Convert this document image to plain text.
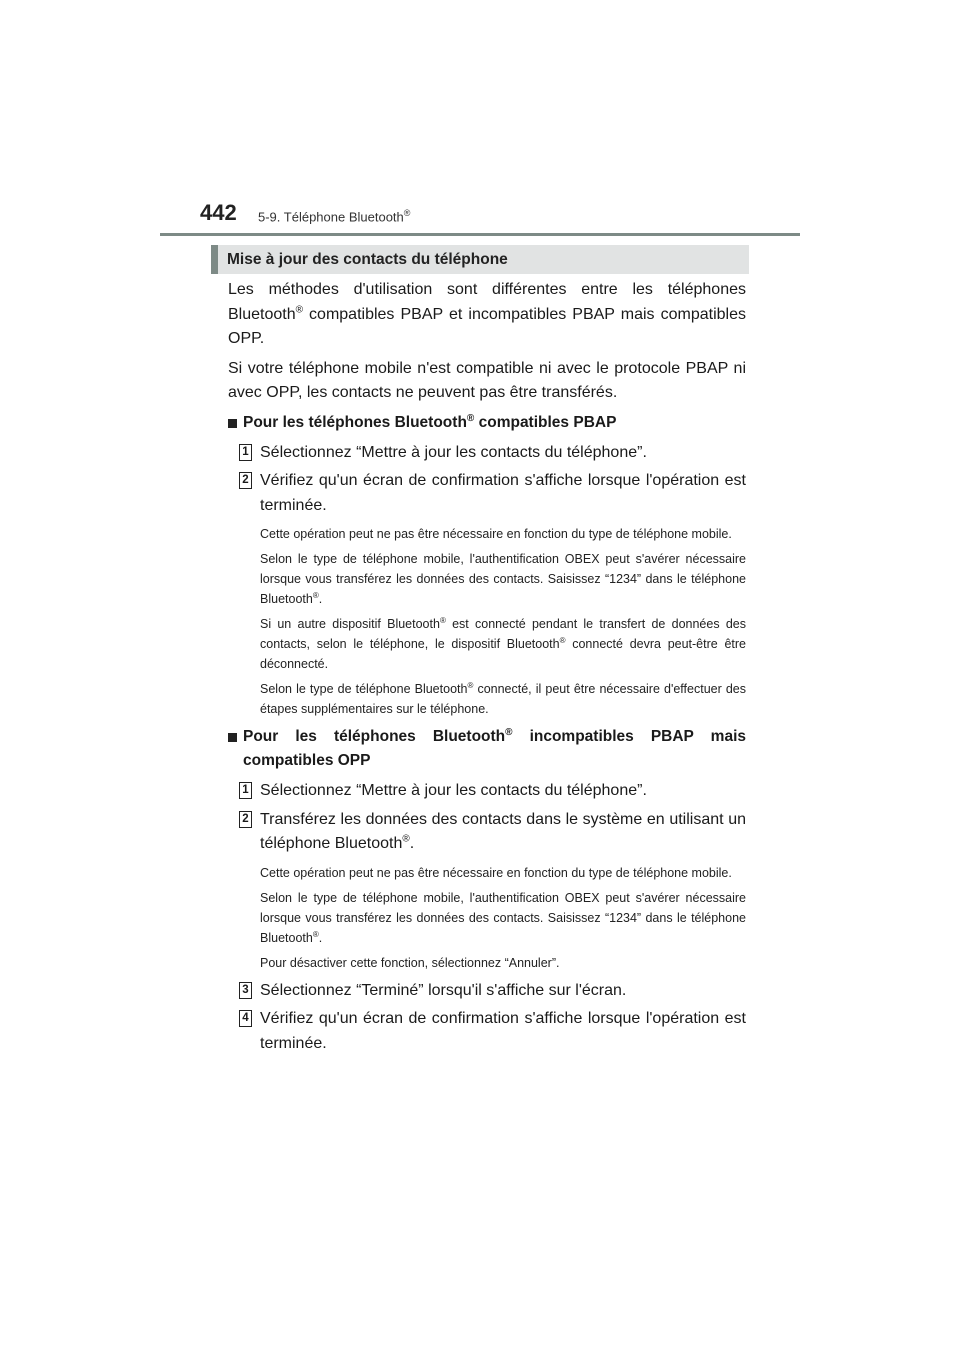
442 5-9. Téléphone Bluetooth®
Mise à jour des contacts du téléphone

Les méthodes d'utilisation sont différentes entre les téléphones Bluetooth® compatibles PBAP et incompatibles PBAP mais compatibles OPP.

Si votre téléphone mobile n'est compatible ni avec le protocole PBAP ni avec OPP, les contacts ne peuvent pas être transférés.

Pour les téléphones Bluetooth® compatibles PBAP
1 Sélectionnez “Mettre à jour les contacts du téléphone”.

2 Vérifiez qu'un écran de confirmation s'affiche lorsque l'opération est terminée.

Cette opération peut ne pas être nécessaire en fonction du type de téléphone mobile.

Selon le type de téléphone mobile, l'authentification OBEX peut s'avérer nécessaire lorsque vous transférez les données des contacts. Saisissez “1234” dans le téléphone Bluetooth®.

Si un autre dispositif Bluetooth® est connecté pendant le transfert de données des contacts, selon le téléphone, le dispositif Bluetooth® connecté devra peut-être être déconnecté.

Selon le type de téléphone Bluetooth® connecté, il peut être nécessaire d'effectuer des étapes supplémentaires sur le téléphone.

Pour les téléphones Bluetooth® incompatibles PBAP mais compatibles OPP
1 Sélectionnez “Mettre à jour les contacts du téléphone”.

2 Transférez les données des contacts dans le système en utilisant un téléphone Bluetooth®.

Cette opération peut ne pas être nécessaire en fonction du type de téléphone mobile.

Selon le type de téléphone mobile, l'authentification OBEX peut s'avérer nécessaire lorsque vous transférez les données des contacts. Saisissez “1234” dans le téléphone Bluetooth®.

Pour désactiver cette fonction, sélectionnez “Annuler”.

3 Sélectionnez “Terminé” lorsqu'il s'affiche sur l'écran.

4 Vérifiez qu'un écran de confirmation s'affiche lorsque l'opération est terminée.
